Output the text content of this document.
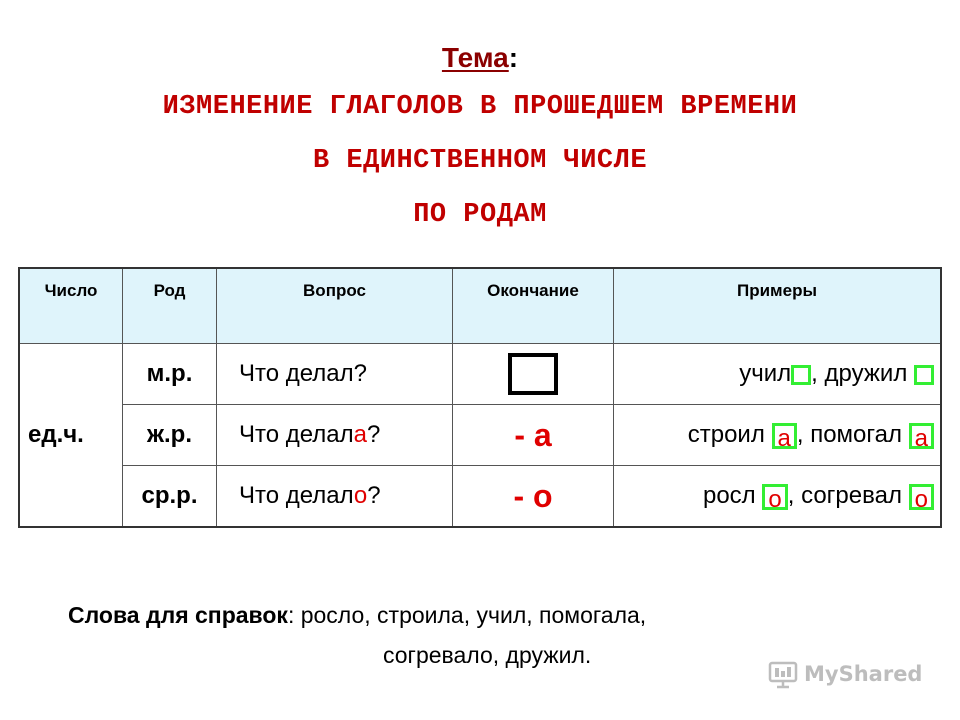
Тема:
ИЗМЕНЕНИЕ ГЛАГОЛОВ В ПРОШЕДШЕМ ВРЕМЕНИ
В ЕДИНСТВЕННОМ ЧИСЛЕ
ПО РОДАМ
Число	Род	Вопрос	Окончание	Примеры
ед.ч.	м.р.	Что делал?		учил , дружил
	ж.р.	Что делала?	- а	строил а , помогал а
	ср.р.	Что делало?	- о	росл о , согревал о
Слова для справок: росло, строила, учил, помогала,
согревало, дружил.
MyShared
